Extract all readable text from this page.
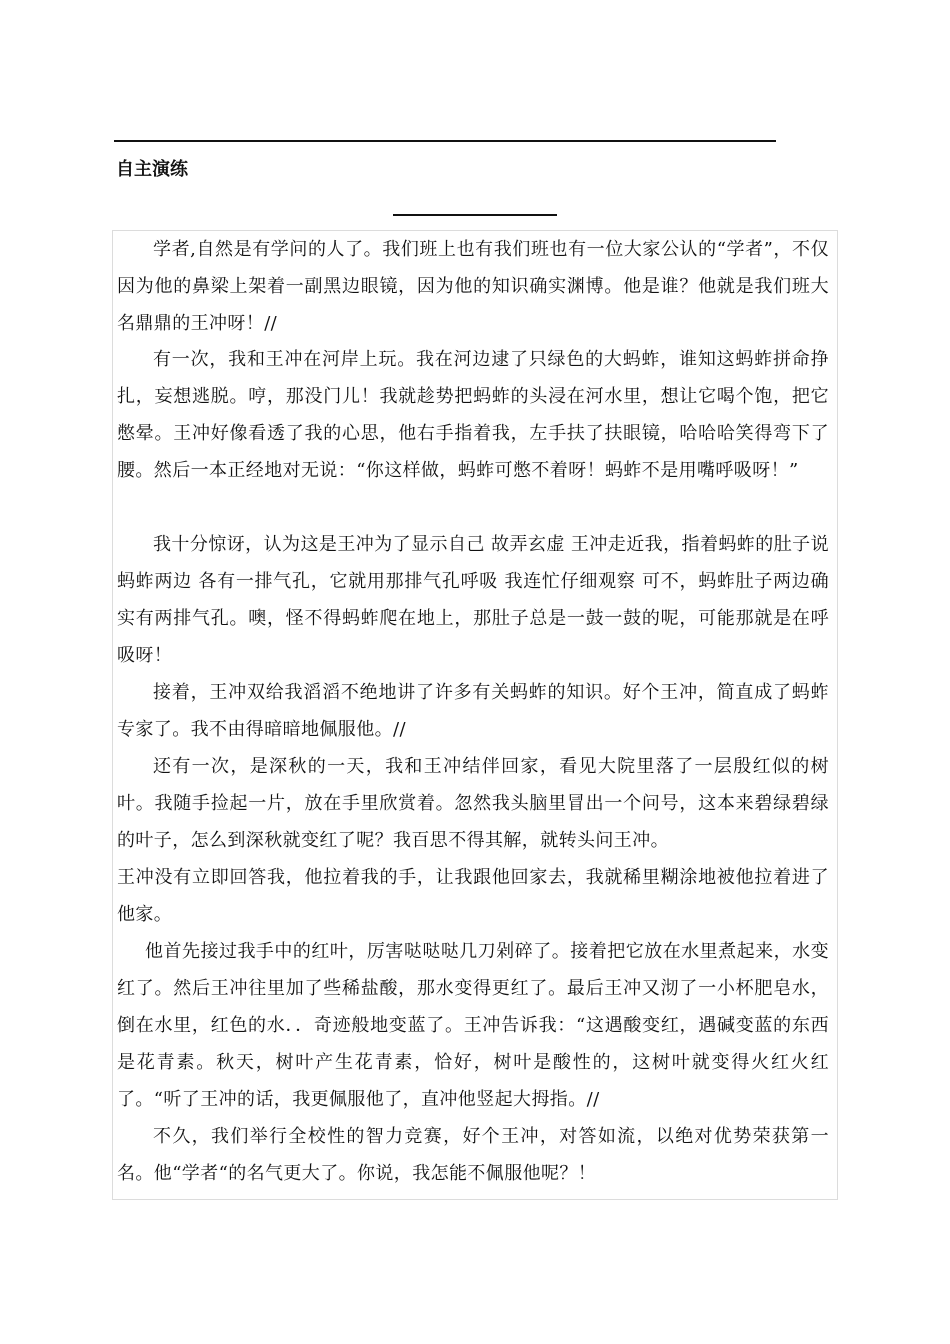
自主演练

学者,自然是有学问的人了。我们班上也有我们班也有一位大家公认的“学者”，不仅因为他的鼻梁上架着一副黑边眼镜，因为他的知识确实渊博。他是谁？他就是我们班大名鼎鼎的王冲呀！//

有一次，我和王冲在河岸上玩。我在河边逮了只绿色的大蚂蚱，谁知这蚂蚱拼命挣扎，妄想逃脱。哼，那没门儿！我就趁势把蚂蚱的头浸在河水里，想让它喝个饱，把它憋晕。王冲好像看透了我的心思，他右手指着我，左手扶了扶眼镜，哈哈哈笑得弯下了腰。然后一本正经地对无说：“你这样做，蚂蚱可憋不着呀！蚂蚱不是用嘴呼吸呀！”

我十分惊讶，认为这是王冲为了显示自己 故弄玄虚 王冲走近我，指着蚂蚱的肚子说 蚂蚱两边 各有一排气孔，它就用那排气孔呼吸 我连忙仔细观察 可不，蚂蚱肚子两边确实有两排气孔。噢，怪不得蚂蚱爬在地上，那肚子总是一鼓一鼓的呢，可能那就是在呼吸呀！

接着，王冲双给我滔滔不绝地讲了许多有关蚂蚱的知识。好个王冲，简直成了蚂蚱专家了。我不由得暗暗地佩服他。//

还有一次，是深秋的一天，我和王冲结伴回家，看见大院里落了一层殷红似的树叶。我随手捡起一片，放在手里欣赏着。忽然我头脑里冒出一个问号，这本来碧绿碧绿的叶子，怎么到深秋就变红了呢？我百思不得其解，就转头问王冲。

王冲没有立即回答我，他拉着我的手，让我跟他回家去，我就稀里糊涂地被他拉着进了他家。

他首先接过我手中的红叶，厉害哒哒哒几刀剁碎了。接着把它放在水里煮起来，水变红了。然后王冲往里加了些稀盐酸，那水变得更红了。最后王冲又沏了一小杯肥皂水，倒在水里，红色的水．．奇迹般地变蓝了。王冲告诉我：“这遇酸变红，遇碱变蓝的东西是花青素。秋天，树叶产生花青素，恰好，树叶是酸性的，这树叶就变得火红火红了。“听了王冲的话，我更佩服他了，直冲他竖起大拇指。//

不久，我们举行全校性的智力竞赛，好个王冲，对答如流，以绝对优势荣获第一名。他“学者“的名气更大了。你说，我怎能不佩服他呢？！
